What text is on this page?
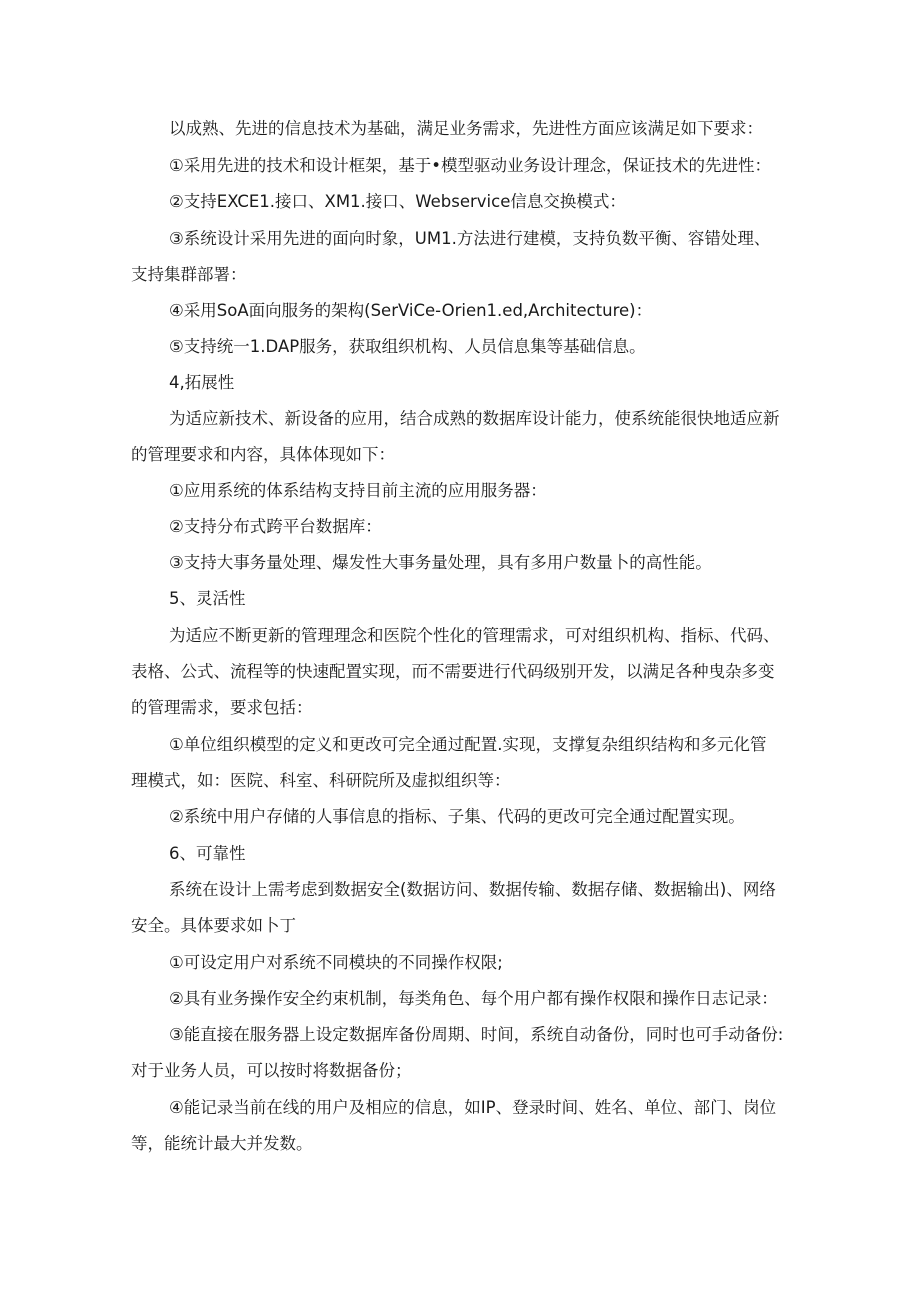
以成熟、先进的信息技术为基础，满足业务需求，先进性方面应该满足如下要求：
①采用先进的技术和设计框架，基于•模型驱动业务设计理念，保证技术的先进性：
②支持EXCE1.接口、XM1.接口、Webservice信息交换模式：
③系统设计采用先进的面向时象，UM1.方法进行建模，支持负数平衡、容错处理、
支持集群部署：
④采用SoA面向服务的架构(SerViCe-Orien1.ed,Architecture)：
⑤支持统一1.DAP服务，获取组织机构、人员信息集等基础信息。
4,拓展性
为适应新技术、新设备的应用，结合成熟的数据库设计能力，使系统能很快地适应新
的管理要求和内容，具体体现如下：
①应用系统的体系结构支持目前主流的应用服务器：
②支持分布式跨平台数据库：
③支持大事务量处理、爆发性大事务量处理，具有多用户数量卜的高性能。
5、灵活性
为适应不断更新的管理理念和医院个性化的管理需求，可对组织机构、指标、代码、
表格、公式、流程等的快速配置实现，而不需要进行代码级别开发，以满足各种曳杂多变
的管理需求，要求包括：
①单位组织模型的定义和更改可完全通过配置.实现，支撑复杂组织结构和多元化管
理模式，如：医院、科室、科研院所及虚拟组织等：
②系统中用户存储的人事信息的指标、子集、代码的更改可完全通过配置实现。
6、可靠性
系统在设计上需考虑到数据安全(数据访问、数据传输、数据存储、数据输出)、网络
安全。具体要求如卜丁
①可设定用户对系统不同模块的不同操作权限;
②具有业务操作安全约束机制，每类角色、每个用户都有操作权限和操作日志记录：
③能直接在服务器上设定数据库备份周期、时间，系统自动备份，同时也可手动备份:
对于业务人员，可以按时将数据备份；
④能记录当前在线的用户及相应的信息，如IP、登录时间、姓名、单位、部门、岗位
等，能统计最大并发数。
